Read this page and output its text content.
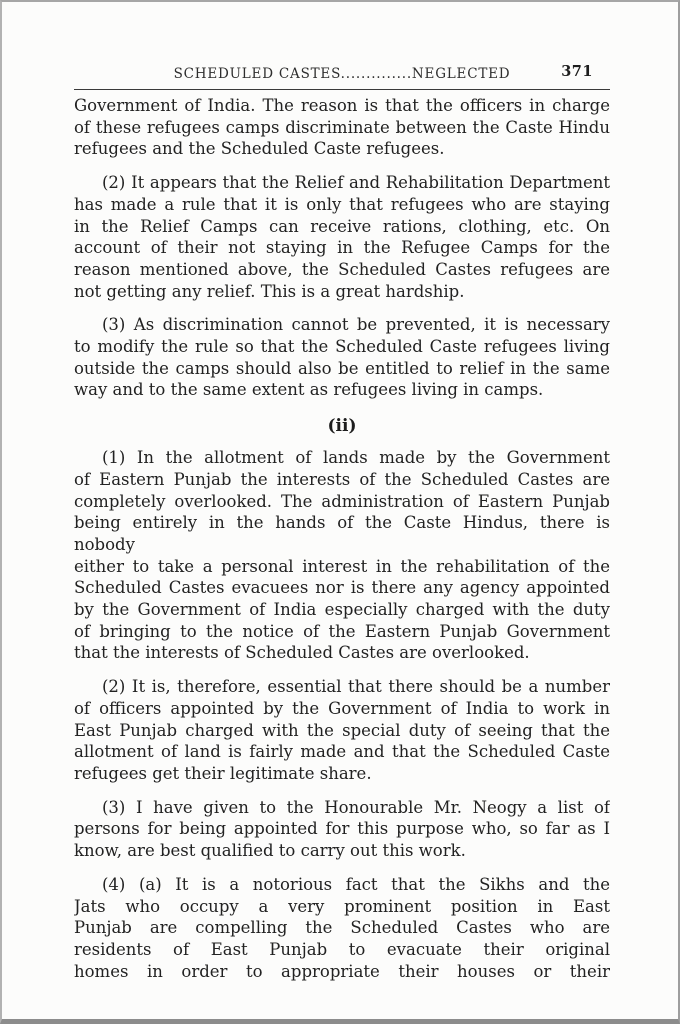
SCHEDULED CASTES..............NEGLECTED	371
Government of India. The reason is that the officers in charge
of these refugees camps discriminate between the Caste Hindu
refugees and the Scheduled Caste refugees.
(2) It appears that the Relief and Rehabilitation Department
has made a rule that it is only that refugees who are staying
in the Relief Camps can receive rations, clothing, etc. On
account of their not staying in the Refugee Camps for the
reason mentioned above, the Scheduled Castes refugees are
not getting any relief. This is a great hardship.
(3) As discrimination cannot be prevented, it is necessary
to modify the rule so that the Scheduled Caste refugees living
outside the camps should also be entitled to relief in the same
way and to the same extent as refugees living in camps.
(ii)
(1) In the allotment of lands made by the Government
of Eastern Punjab the interests of the Scheduled Castes are
completely overlooked. The administration of Eastern Punjab
being entirely in the hands of the Caste Hindus, there is nobody
either to take a personal interest in the rehabilitation of the
Scheduled Castes evacuees nor is there any agency appointed
by the Government of India especially charged with the duty
of bringing to the notice of the Eastern Punjab Government
that the interests of Scheduled Castes are overlooked.
(2) It is, therefore, essential that there should be a number
of officers appointed by the Government of India to work in
East Punjab charged with the special duty of seeing that the
allotment of land is fairly made and that the Scheduled Caste
refugees get their legitimate share.
(3) I have given to the Honourable Mr. Neogy a list of
persons for being appointed for this purpose who, so far as I
know, are best qualified to carry out this work.
(4) (a) It is a notorious fact that the Sikhs and the
Jats who occupy a very prominent position in East
Punjab are compelling the Scheduled Castes who are
residents of East Punjab to evacuate their original
homes in order to appropriate their houses or their
